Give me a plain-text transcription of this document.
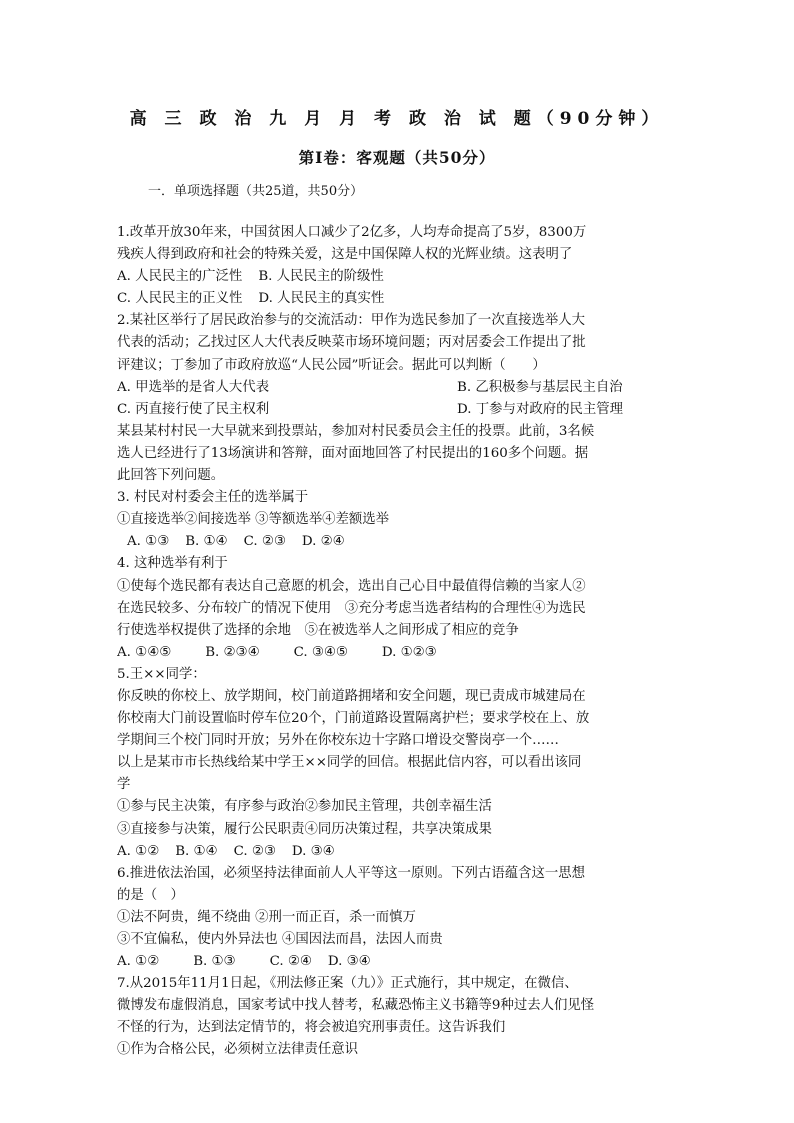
高 三 政 治 九 月 月 考 政 治 试 题（90分钟）
第Ⅰ卷：客观题（共50分）
一．单项选择题（共25道，共50分）
1.改革开放30年来，中国贫困人口减少了2亿多，人均寿命提高了5岁，8300万
残疾人得到政府和社会的特殊关爱，这是中国保障人权的光辉业绩。这表明了
A. 人民民主的广泛性 B. 人民民主的阶级性
C. 人民民主的正义性 D. 人民民主的真实性
2.某社区举行了居民政治参与的交流活动：甲作为选民参加了一次直接选举人大
代表的活动；乙找过区人大代表反映菜市场环境问题；丙对居委会工作提出了批
评建议；丁参加了市政府放巡“人民公园”听证会。据此可以判断（　　）
A. 甲选举的是省人大代表	B. 乙积极参与基层民主自治
C. 丙直接行使了民主权利	D. 丁参与对政府的民主管理
某县某村村民一大早就来到投票站，参加对村民委员会主任的投票。此前，3名候
选人已经进行了13场演讲和答辩，面对面地回答了村民提出的160多个问题。据
此回答下列问题。
3. 村民对村委会主任的选举属于
①直接选举②间接选举 ③等额选举④差额选举
A. ①③ B. ①④ C. ②③ D. ②④
4. 这种选举有利于
①使每个选民都有表达自己意愿的机会，选出自己心目中最值得信赖的当家人②
在选民较多、分布较广的情况下使用　③充分考虑当选者结构的合理性④为选民
行使选举权提供了选择的余地　⑤在被选举人之间形成了相应的竞争
A. ①④⑤	B. ②③④	C. ③④⑤	D. ①②③
5.王××同学：
你反映的你校上、放学期间，校门前道路拥堵和安全问题，现已责成市城建局在
你校南大门前设置临时停车位20个，门前道路设置隔离护栏；要求学校在上、放
学期间三个校门同时开放；另外在你校东边十字路口增设交警岗亭一个……
以上是某市市长热线给某中学王××同学的回信。根据此信内容，可以看出该同
学
①参与民主决策，有序参与政治②参加民主管理，共创幸福生活
③直接参与决策，履行公民职责④同历决策过程，共享决策成果
A. ①② B. ①④ C. ②③ D. ③④
6.推进依法治国，必须坚持法律面前人人平等这一原则。下列古语蕴含这一思想
的是（　）
①法不阿贵，绳不绕曲 ②刑一而正百，杀一而慎万
③不宜偏私，使内外异法也 ④国因法而昌，法因人而贵
A. ①②	B. ①③	C. ②④ D. ③④
7.从2015年11月1日起，《刑法修正案（九）》正式施行，其中规定，在微信、
微博发布虚假消息，国家考试中找人替考，私藏恐怖主义书籍等9种过去人们见怪
不怪的行为，达到法定情节的，将会被追究刑事责任。这告诉我们
①作为合格公民，必须树立法律责任意识
